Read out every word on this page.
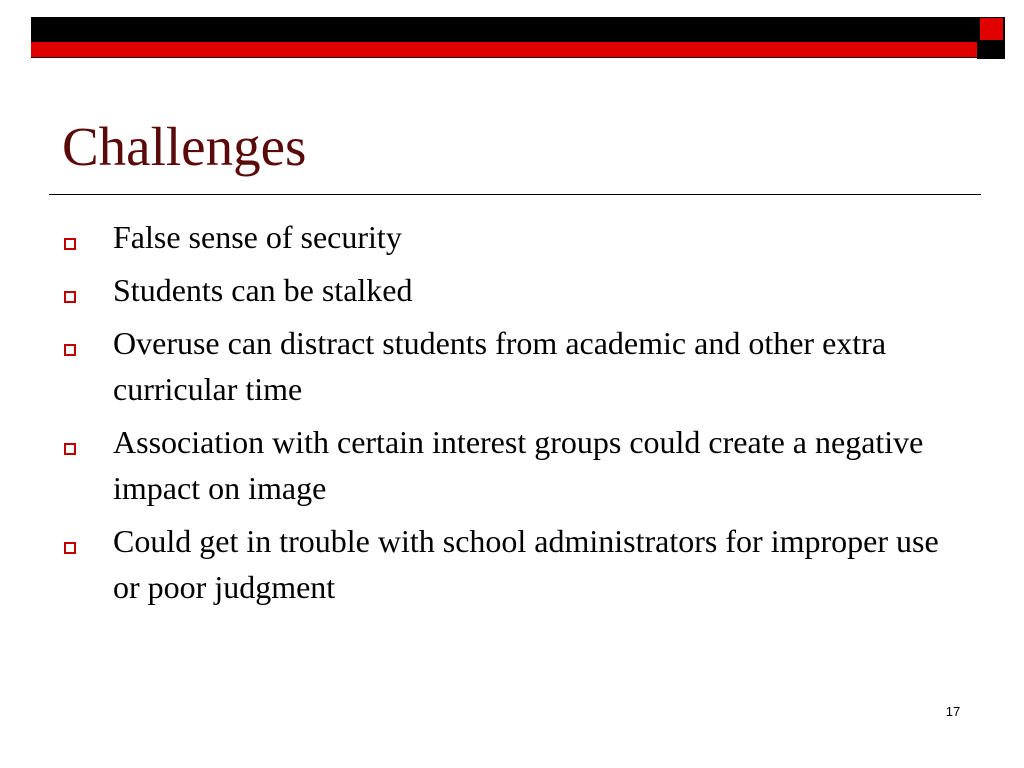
Challenges
False sense of security
Students can be stalked
Overuse can distract students from academic and other extra curricular time
Association with certain interest groups could create a negative impact on image
Could get in trouble with school administrators for improper use or poor judgment
17
